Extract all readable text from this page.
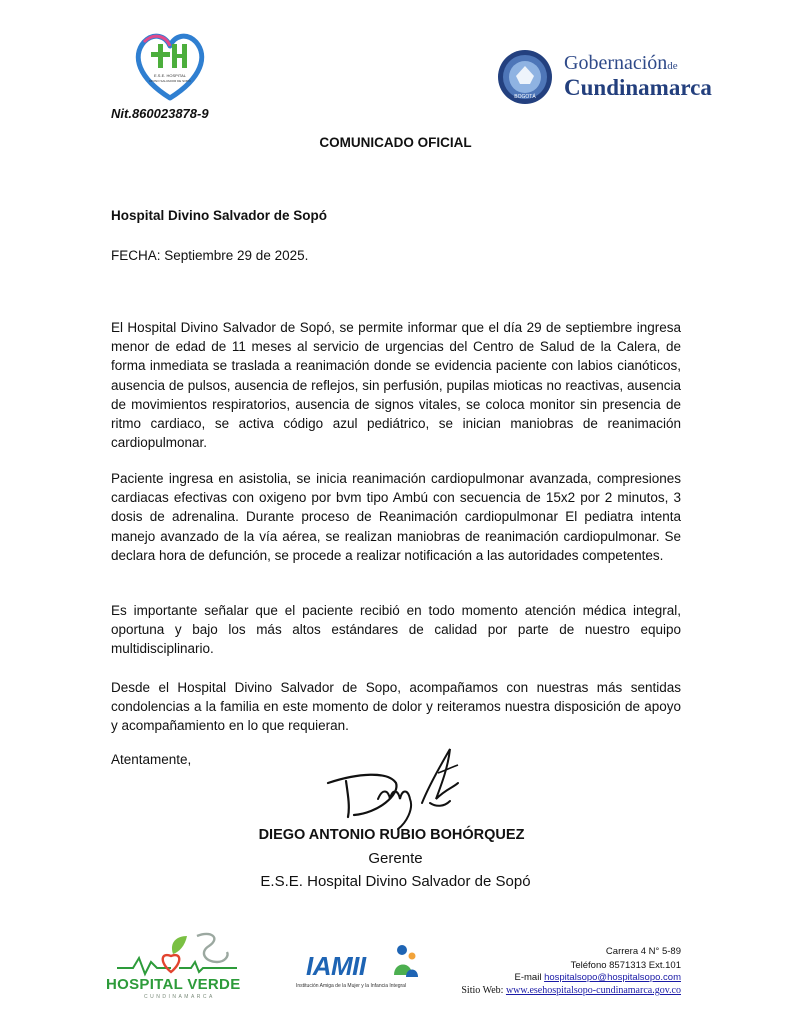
E.S.E. HOSPITAL
DIVINO SALVADOR DE SOPÓ
Nit.860023878-9
BOGOTÁ
Gobernaciónde
Cundinamarca
COMUNICADO OFICIAL
Hospital Divino Salvador de Sopó
FECHA: Septiembre 29 de 2025.

El Hospital Divino Salvador de Sopó, se permite informar que el día 29 de septiembre ingresa menor de edad de 11 meses al servicio de urgencias del Centro de Salud de la Calera, de forma inmediata se traslada a reanimación donde se evidencia paciente con labios cianóticos, ausencia de pulsos, ausencia de reflejos, sin perfusión, pupilas mioticas no reactivas, ausencia de movimientos respiratorios, ausencia de signos vitales, se coloca monitor sin presencia de ritmo cardiaco, se activa código azul pediátrico, se inician maniobras de reanimación cardiopulmonar.

Paciente ingresa en asistolia, se inicia reanimación cardiopulmonar avanzada, compresiones cardiacas efectivas con oxigeno por bvm tipo Ambú con secuencia de 15x2 por 2 minutos, 3 dosis de adrenalina. Durante proceso de Reanimación cardiopulmonar El pediatra intenta manejo avanzado de la vía aérea, se realizan maniobras de reanimación cardiopulmonar. Se declara hora de defunción, se procede a realizar notificación a las autoridades competentes.

Es importante señalar que el paciente recibió en todo momento atención médica integral, oportuna y bajo los más altos estándares de calidad por parte de nuestro equipo multidisciplinario.

Desde el Hospital Divino Salvador de Sopo, acompañamos con nuestras más sentidas condolencias a la familia en este momento de dolor y reiteramos nuestra disposición de apoyo y acompañamiento en lo que requieran.

Atentamente,
DIEGO ANTONIO RUBIO BOHÓRQUEZ
Gerente
E.S.E. Hospital Divino Salvador de Sopó
HOSPITAL VERDE
CUNDINAMARCA
IAMII
Institución Amiga de la Mujer y la Infancia Integral
Carrera 4 N° 5-89
Teléfono 8571313 Ext.101
E-mail hospitalsopo@hospitalsopo.com
Sitio Web: www.esehospitalsopo-cundinamarca.gov.co
